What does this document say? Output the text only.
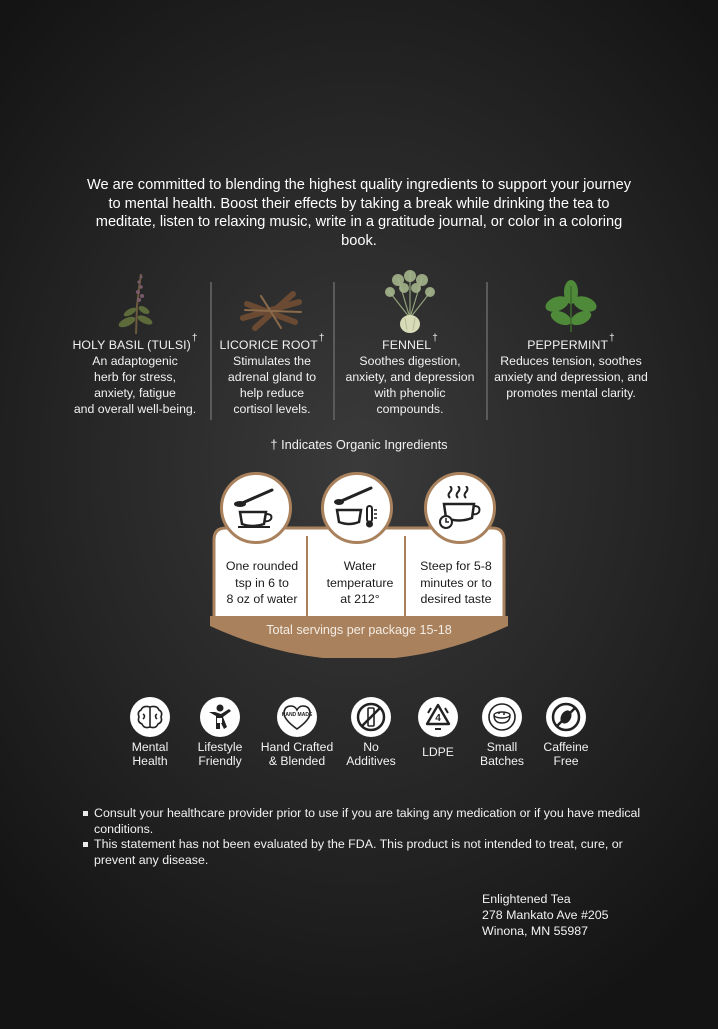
We are committed to blending the highest quality ingredients to support your journey to mental health. Boost their effects by taking a break while drinking the tea to meditate, listen to relaxing music, write in a gratitude journal, or color in a coloring book.
HOLY BASIL (TULSI)†
An adaptogenic
herb for stress,
anxiety, fatigue
and overall well-being.
LICORICE ROOT†
Stimulates the
adrenal gland to
help reduce
cortisol levels.
FENNEL†
Soothes digestion,
anxiety, and depression
with phenolic
compounds.
PEPPERMINT†
Reduces tension, soothes
anxiety and depression, and
promotes mental clarity.
† Indicates Organic Ingredients
One rounded
tsp in 6 to
8 oz of water
Water
temperature
at 212°
Steep for 5-8
minutes or to
desired taste
Total servings per package 15-18
Mental
Health
Lifestyle
Friendly
HAND MADE
Hand Crafted
& Blended
No
Additives
4
LDPE	Small
Batches
Caffeine
Free
Consult your healthcare provider prior to use if you are taking any medication or if you have medical conditions.
This statement has not been evaluated by the FDA. This product is not intended to treat, cure, or prevent any disease.
Enlightened Tea
278 Mankato Ave #205
Winona, MN 55987
